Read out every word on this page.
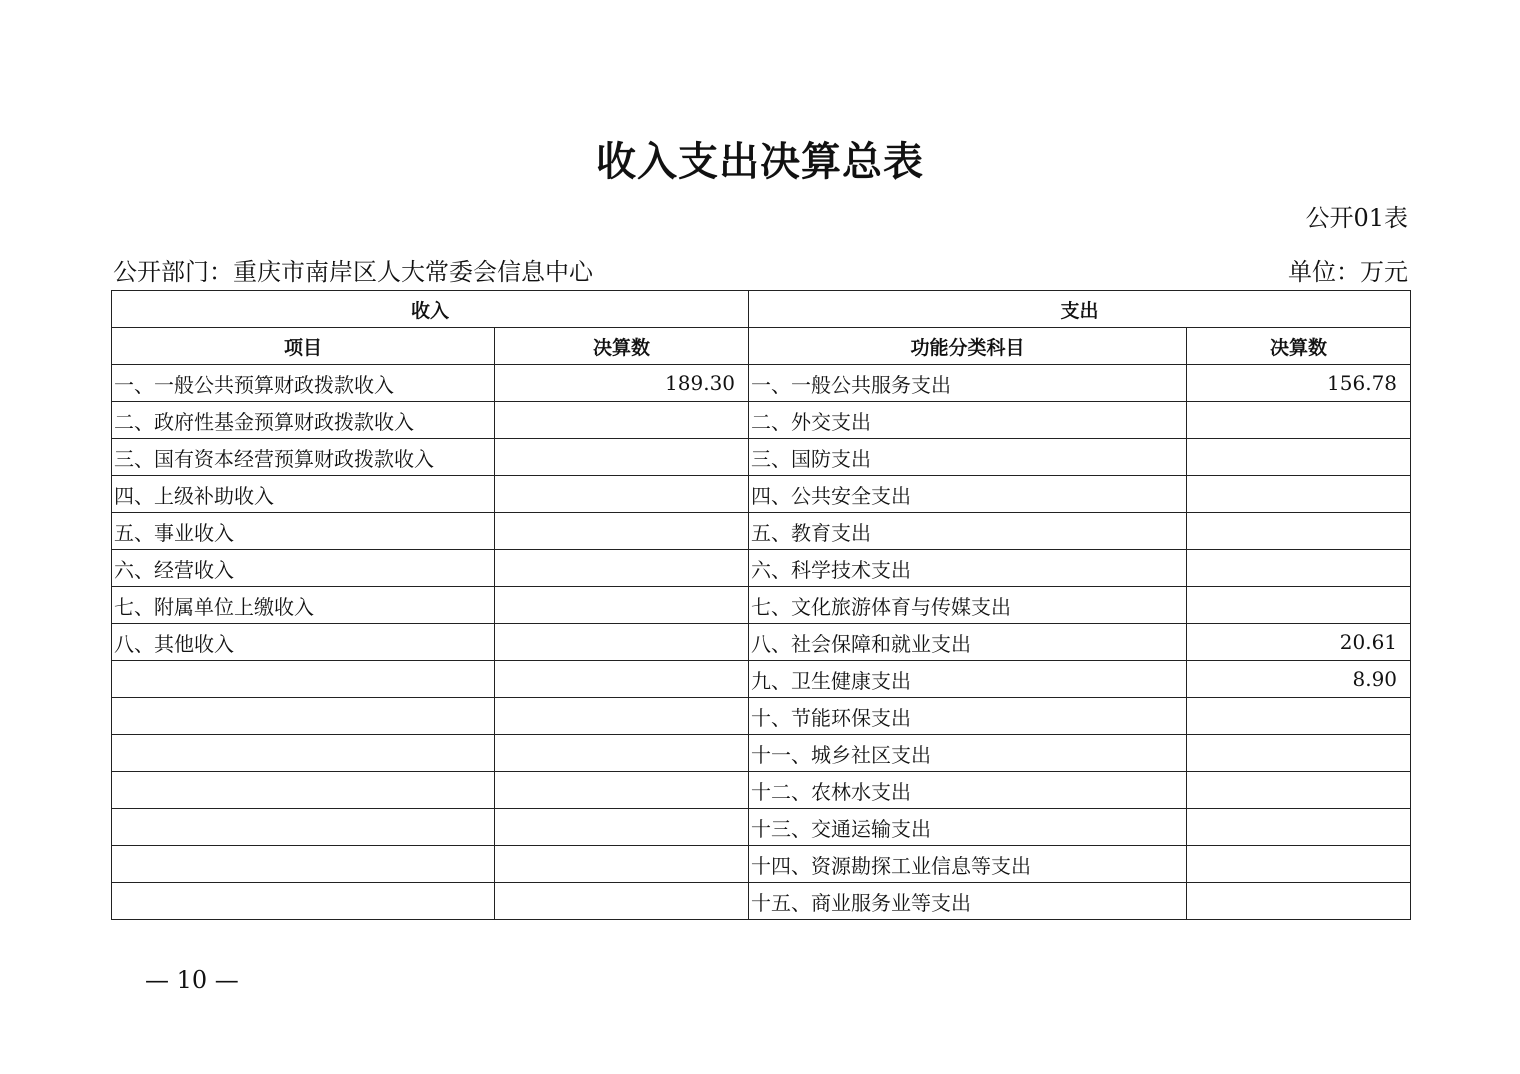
收入支出决算总表
公开01表
公开部门：重庆市南岸区人大常委会信息中心	单位：万元
收入		支出	
项目	决算数	功能分类科目	决算数
一、一般公共预算财政拨款收入	189.30	一、一般公共服务支出	156.78
二、政府性基金预算财政拨款收入		二、外交支出	
三、国有资本经营预算财政拨款收入		三、国防支出	
四、上级补助收入		四、公共安全支出	
五、事业收入		五、教育支出	
六、经营收入		六、科学技术支出	
七、附属单位上缴收入		七、文化旅游体育与传媒支出	
八、其他收入		八、社会保障和就业支出	20.61
		九、卫生健康支出	8.90
		十、节能环保支出	
		十一、城乡社区支出	
		十二、农林水支出	
		十三、交通运输支出	
		十四、资源勘探工业信息等支出	
		十五、商业服务业等支出	
— 10 —
